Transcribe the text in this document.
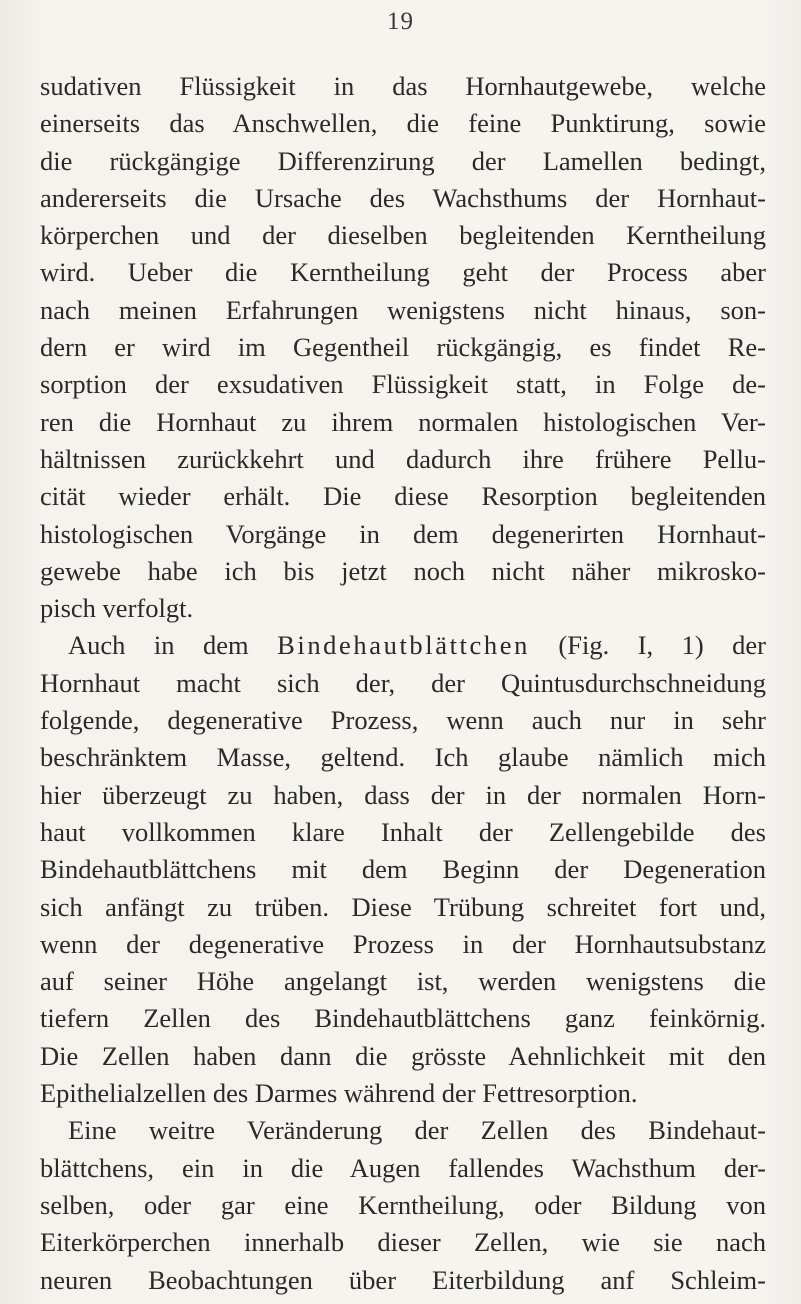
19
sudativen Flüssigkeit in das Hornhautgewebe, welche
einerseits das Anschwellen, die feine Punktirung, sowie
die rückgängige Differenzirung der Lamellen bedingt,
andererseits die Ursache des Wachsthums der Hornhaut-
körperchen und der dieselben begleitenden Kerntheilung
wird. Ueber die Kerntheilung geht der Process aber
nach meinen Erfahrungen wenigstens nicht hinaus, son-
dern er wird im Gegentheil rückgängig, es findet Re-
sorption der exsudativen Flüssigkeit statt, in Folge de-
ren die Hornhaut zu ihrem normalen histologischen Ver-
hältnissen zurückkehrt und dadurch ihre frühere Pellu-
cität wieder erhält. Die diese Resorption begleitenden
histologischen Vorgänge in dem degenerirten Hornhaut-
gewebe habe ich bis jetzt noch nicht näher mikrosko-
pisch verfolgt.
Auch in dem Bindehautblättchen (Fig. I, 1) der
Hornhaut macht sich der, der Quintusdurchschneidung
folgende, degenerative Prozess, wenn auch nur in sehr
beschränktem Masse, geltend. Ich glaube nämlich mich
hier überzeugt zu haben, dass der in der normalen Horn-
haut vollkommen klare Inhalt der Zellengebilde des
Bindehautblättchens mit dem Beginn der Degeneration
sich anfängt zu trüben. Diese Trübung schreitet fort und,
wenn der degenerative Prozess in der Hornhautsubstanz
auf seiner Höhe angelangt ist, werden wenigstens die
tiefern Zellen des Bindehautblättchens ganz feinkörnig.
Die Zellen haben dann die grösste Aehnlichkeit mit den
Epithelialzellen des Darmes während der Fettresorption.
Eine weitre Veränderung der Zellen des Bindehaut-
blättchens, ein in die Augen fallendes Wachsthum der-
selben, oder gar eine Kerntheilung, oder Bildung von
Eiterkörperchen innerhalb dieser Zellen, wie sie nach
neuren Beobachtungen über Eiterbildung anf Schleim-
